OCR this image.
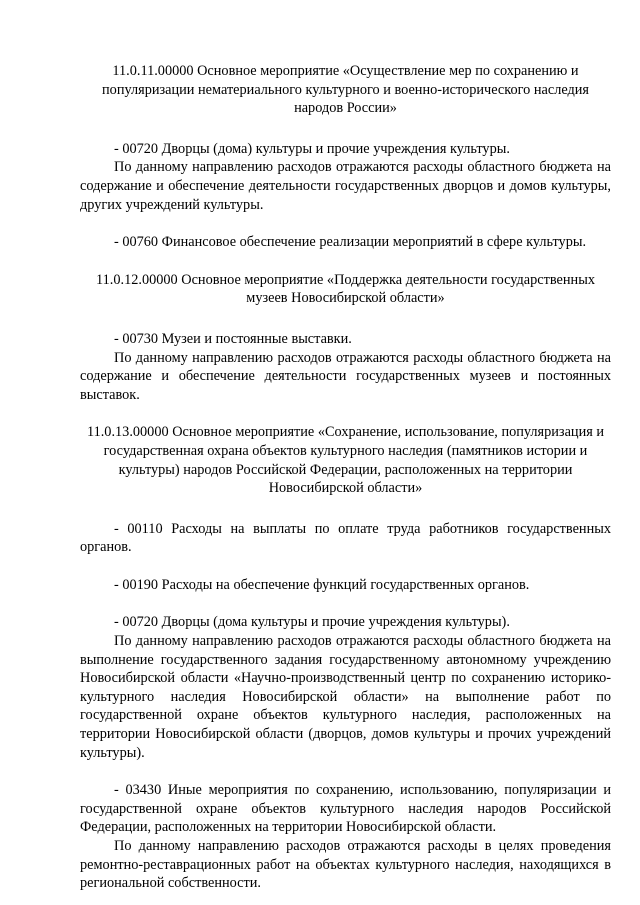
11.0.11.00000 Основное мероприятие «Осуществление мер по сохранению и популяризации нематериального культурного и военно-исторического наследия народов России»

- 00720 Дворцы (дома) культуры и прочие учреждения культуры.

По данному направлению расходов отражаются расходы областного бюджета на содержание и обеспечение деятельности государственных дворцов и домов культуры, других учреждений культуры.

- 00760 Финансовое обеспечение реализации мероприятий в сфере культуры.

11.0.12.00000 Основное мероприятие «Поддержка деятельности государственных музеев Новосибирской области»

- 00730 Музеи и постоянные выставки.

По данному направлению расходов отражаются расходы областного бюджета на содержание и обеспечение деятельности государственных музеев и постоянных выставок.

11.0.13.00000 Основное мероприятие «Сохранение, использование, популяризация и государственная охрана объектов культурного наследия (памятников истории и культуры) народов Российской Федерации, расположенных на территории Новосибирской области»

- 00110 Расходы на выплаты по оплате труда работников государственных органов.

- 00190 Расходы на обеспечение функций государственных органов.

- 00720 Дворцы (дома культуры и прочие учреждения культуры).

По данному направлению расходов отражаются расходы областного бюджета на выполнение государственного задания государственному автономному учреждению Новосибирской области «Научно-производственный центр по сохранению историко-культурного наследия Новосибирской области» на выполнение работ по государственной охране объектов культурного наследия, расположенных на территории Новосибирской области (дворцов, домов культуры и прочих учреждений культуры).

- 03430 Иные мероприятия по сохранению, использованию, популяризации и государственной охране объектов культурного наследия народов Российской Федерации, расположенных на территории Новосибирской области.

По данному направлению расходов отражаются расходы в целях проведения ремонтно-реставрационных работ на объектах культурного наследия, находящихся в региональной собственности.
